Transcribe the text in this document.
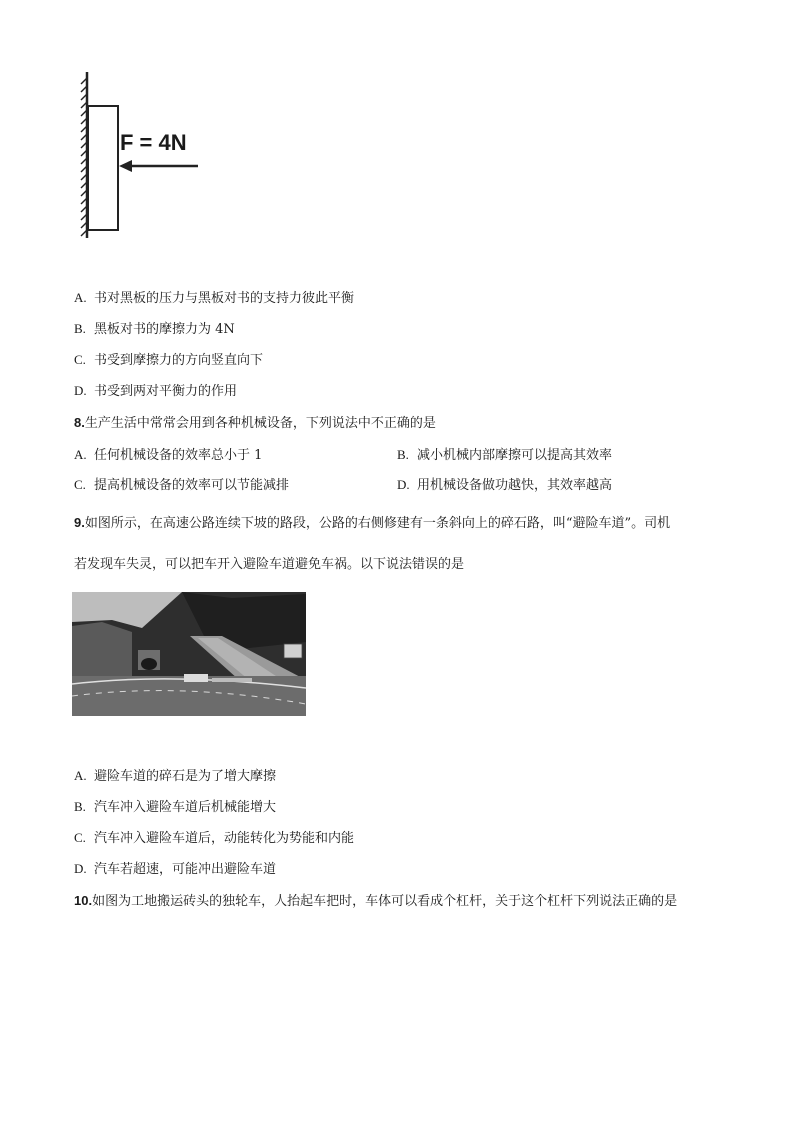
F = 4N
A. 书对黑板的压力与黑板对书的支持力彼此平衡
B. 黑板对书的摩擦力为 4N
C. 书受到摩擦力的方向竖直向下
D. 书受到两对平衡力的作用
8.生产生活中常常会用到各种机械设备，下列说法中不正确的是
A. 任何机械设备的效率总小于 1	B. 减小机械内部摩擦可以提高其效率
C. 提高机械设备的效率可以节能减排	D. 用机械设备做功越快，其效率越高
9.如图所示，在高速公路连续下坡的路段，公路的右侧修建有一条斜向上的碎石路，叫“避险车道”。司机
若发现车失灵，可以把车开入避险车道避免车祸。以下说法错误的是
A. 避险车道的碎石是为了增大摩擦
B. 汽车冲入避险车道后机械能增大
C. 汽车冲入避险车道后，动能转化为势能和内能
D. 汽车若超速，可能冲出避险车道
10.如图为工地搬运砖头的独轮车，人抬起车把时，车体可以看成个杠杆，关于这个杠杆下列说法正确的是
